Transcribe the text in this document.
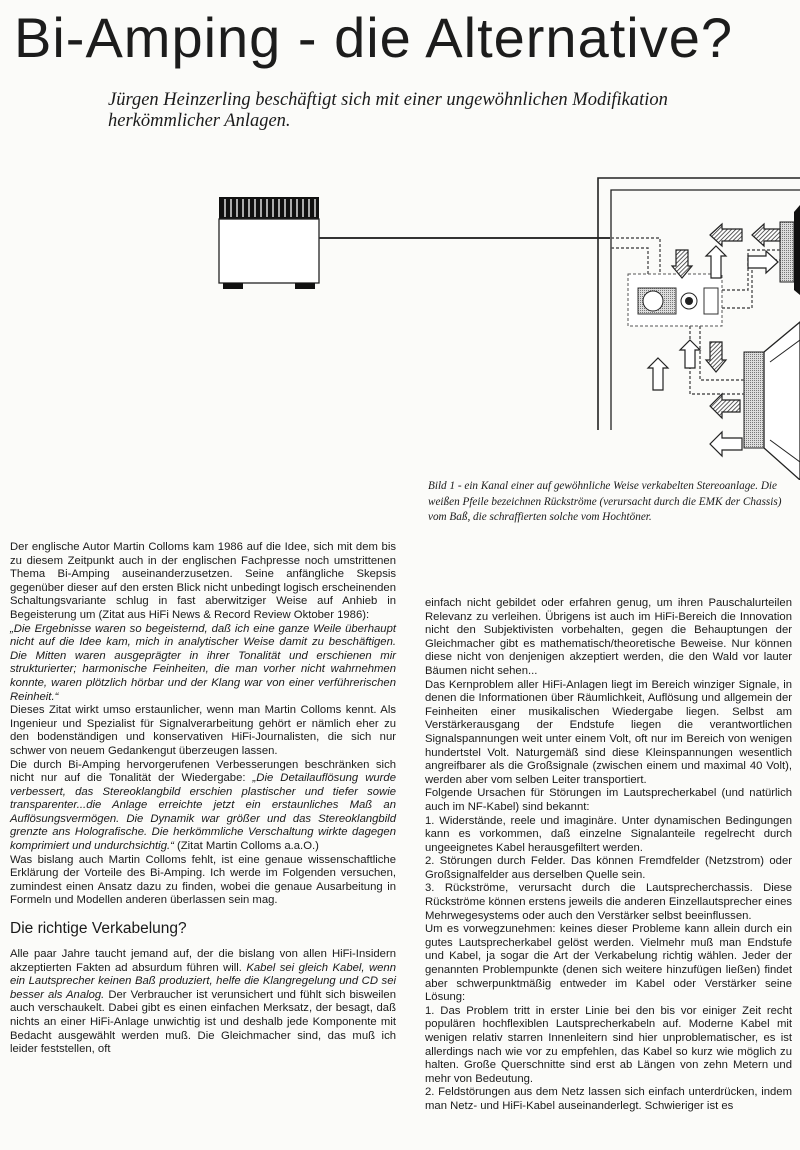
Bi-Amping - die Alternative?

Jürgen Heinzerling beschäftigt sich mit einer ungewöhnlichen Modifikation herkömmlicher Anlagen.

Bild 1 - ein Kanal einer auf gewöhnliche Weise verkabelten Stereoanlage. Die weißen Pfeile bezeichnen Rückströme (verursacht durch die EMK der Chassis) vom Baß, die schraffierten solche vom Hochtöner.

Der englische Autor Martin Colloms kam 1986 auf die Idee, sich mit dem bis zu diesem Zeitpunkt auch in der englischen Fachpresse noch umstrittenen Thema Bi-Amping auseinanderzusetzen. Seine anfängliche Skepsis gegenüber dieser auf den ersten Blick nicht unbedingt logisch erscheinenden Schaltungsvariante schlug in fast aberwitziger Weise auf Anhieb in Begeisterung um (Zitat aus HiFi News & Record Review Oktober 1986):

„Die Ergebnisse waren so begeisternd, daß ich eine ganze Weile überhaupt nicht auf die Idee kam, mich in analytischer Weise damit zu beschäftigen. Die Mitten waren ausgeprägter in ihrer Tonalität und erschienen mir strukturierter; harmonische Feinheiten, die man vorher nicht wahrnehmen konnte, waren plötzlich hörbar und der Klang war von einer verführerischen Reinheit.“

Dieses Zitat wirkt umso erstaunlicher, wenn man Martin Colloms kennt. Als Ingenieur und Spezialist für Signalverarbeitung gehört er nämlich eher zu den bodenständigen und konservativen HiFi-Journalisten, die sich nur schwer von neuem Gedankengut überzeugen lassen.

Die durch Bi-Amping hervorgerufenen Verbesserungen beschränken sich nicht nur auf die Tonalität der Wiedergabe: „Die Detailauflösung wurde verbessert, das Stereoklangbild erschien plastischer und tiefer sowie transparenter...die Anlage erreichte jetzt ein erstaunliches Maß an Auflösungsvermögen. Die Dynamik war größer und das Stereoklangbild grenzte ans Holografische. Die herkömmliche Verschaltung wirkte dagegen komprimiert und undurchsichtig.“ (Zitat Martin Colloms a.a.O.)

Was bislang auch Martin Colloms fehlt, ist eine genaue wissenschaftliche Erklärung der Vorteile des Bi-Amping. Ich werde im Folgenden versuchen, zumindest einen Ansatz dazu zu finden, wobei die genaue Ausarbeitung in Formeln und Modellen anderen überlassen sein mag.

Die richtige Verkabelung?

Alle paar Jahre taucht jemand auf, der die bislang von allen HiFi-Insidern akzeptierten Fakten ad absurdum führen will. Kabel sei gleich Kabel, wenn ein Lautsprecher keinen Baß produziert, helfe die Klangregelung und CD sei besser als Analog. Der Verbraucher ist verunsichert und fühlt sich bisweilen auch verschaukelt. Dabei gibt es einen einfachen Merksatz, der besagt, daß nichts an einer HiFi-Anlage unwichtig ist und deshalb jede Komponente mit Bedacht ausgewählt werden muß. Die Gleichmacher sind, das muß ich leider feststellen, oft

einfach nicht gebildet oder erfahren genug, um ihren Pauschalurteilen Relevanz zu verleihen. Übrigens ist auch im HiFi-Bereich die Innovation nicht den Subjektivisten vorbehalten, gegen die Behauptungen der Gleichmacher gibt es mathematisch/theoretische Beweise. Nur können diese nicht von denjenigen akzeptiert werden, die den Wald vor lauter Bäumen nicht sehen...

Das Kernproblem aller HiFi-Anlagen liegt im Bereich winziger Signale, in denen die Informationen über Räumlichkeit, Auflösung und allgemein der Feinheiten einer musikalischen Wiedergabe liegen. Selbst am Verstärkerausgang der Endstufe liegen die verantwortlichen Signalspannungen weit unter einem Volt, oft nur im Bereich von wenigen hundertstel Volt. Naturgemäß sind diese Kleinspannungen wesentlich angreifbarer als die Großsignale (zwischen einem und maximal 40 Volt), werden aber vom selben Leiter transportiert.

Folgende Ursachen für Störungen im Lautsprecherkabel (und natürlich auch im NF-Kabel) sind bekannt:

1. Widerstände, reele und imaginäre. Unter dynamischen Bedingungen kann es vorkommen, daß einzelne Signalanteile regelrecht durch ungeeignetes Kabel herausgefiltert werden.

2. Störungen durch Felder. Das können Fremdfelder (Netzstrom) oder Großsignalfelder aus derselben Quelle sein.

3. Rückströme, verursacht durch die Lautsprecherchassis. Diese Rückströme können erstens jeweils die anderen Einzellautsprecher eines Mehrwegesystems oder auch den Verstärker selbst beeinflussen.

Um es vorwegzunehmen: keines dieser Probleme kann allein durch ein gutes Lautsprecherkabel gelöst werden. Vielmehr muß man Endstufe und Kabel, ja sogar die Art der Verkabelung richtig wählen. Jeder der genannten Problempunkte (denen sich weitere hinzufügen ließen) findet aber schwerpunktmäßig entweder im Kabel oder Verstärker seine Lösung:

1. Das Problem tritt in erster Linie bei den bis vor einiger Zeit recht populären hochflexiblen Lautsprecherkabeln auf. Moderne Kabel mit wenigen relativ starren Innenleitern sind hier unproblematischer, es ist allerdings nach wie vor zu empfehlen, das Kabel so kurz wie möglich zu halten. Große Querschnitte sind erst ab Längen von zehn Metern und mehr von Bedeutung.

2. Feldstörungen aus dem Netz lassen sich einfach unterdrücken, indem man Netz- und HiFi-Kabel auseinanderlegt. Schwieriger ist es
